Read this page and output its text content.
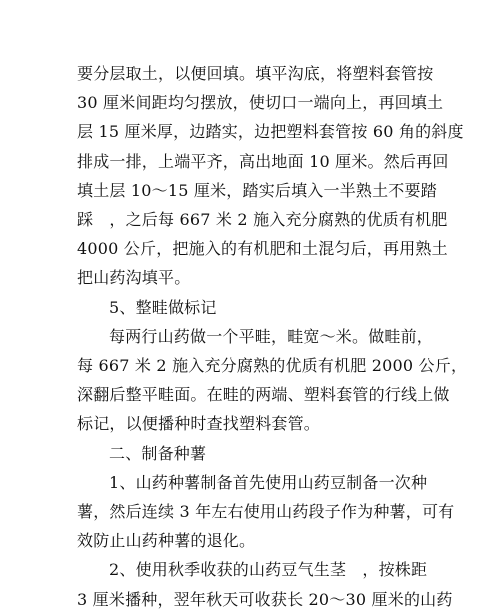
要分层取土，以便回填。填平沟底，将塑料套管按
30 厘米间距均匀摆放，使切口一端向上，再回填土
层 15 厘米厚，边踏实，边把塑料套管按 60 角的斜度
排成一排，上端平齐，高出地面 10 厘米。然后再回
填土层 10～15 厘米，踏实后填入一半熟土不要踏
踩　，之后每 667 米 2 施入充分腐熟的优质有机肥
4000 公斤，把施入的有机肥和土混匀后，再用熟土
把山药沟填平。
5、整畦做标记
每两行山药做一个平畦，畦宽～米。做畦前，
每 667 米 2 施入充分腐熟的优质有机肥 2000 公斤，
深翻后整平畦面。在畦的两端、塑料套管的行线上做
标记，以便播种时查找塑料套管。
二、制备种薯
1、山药种薯制备首先使用山药豆制备一次种
薯，然后连续 3 年左右使用山药段子作为种薯，可有
效防止山药种薯的退化。
2、使用秋季收获的山药豆气生茎　，按株距
3 厘米播种，翌年秋天可收获长 20～30 厘米的山药
